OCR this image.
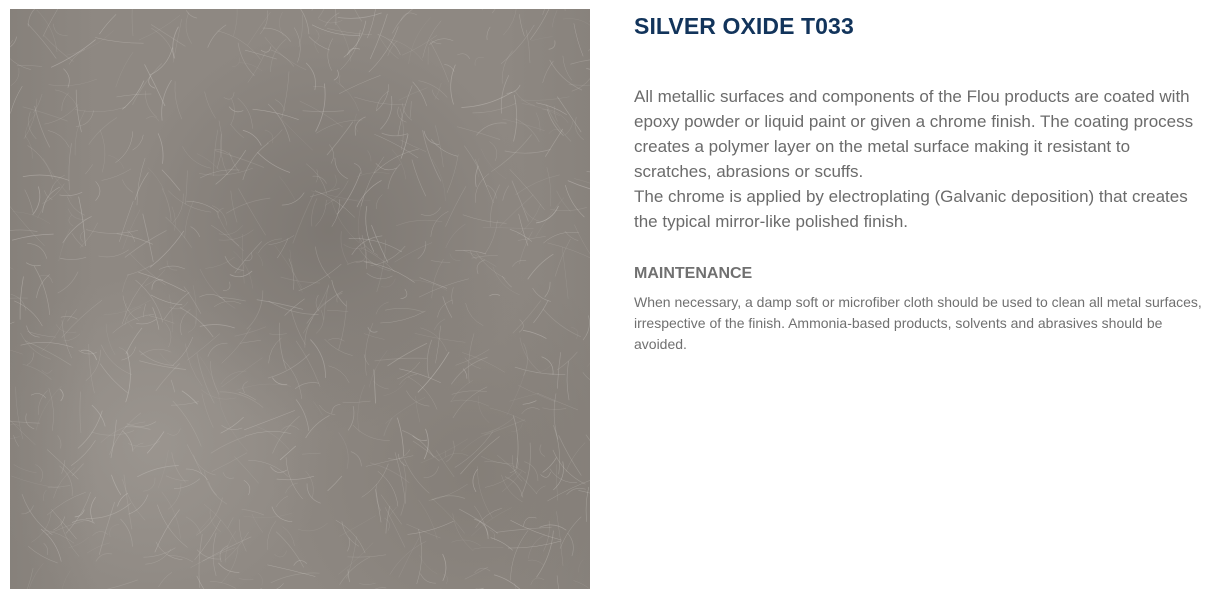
SILVER OXIDE T033

All metallic surfaces and components of the Flou products are coated with epoxy powder or liquid paint or given a chrome finish. The coating process creates a polymer layer on the metal surface making it resistant to scratches, abrasions or scuffs.

The chrome is applied by electroplating (Galvanic deposition) that creates the typical mirror-like polished finish.

MAINTENANCE

When necessary, a damp soft or microfiber cloth should be used to clean all metal surfaces, irrespective of the finish. Ammonia-based products, solvents and abrasives should be avoided.
